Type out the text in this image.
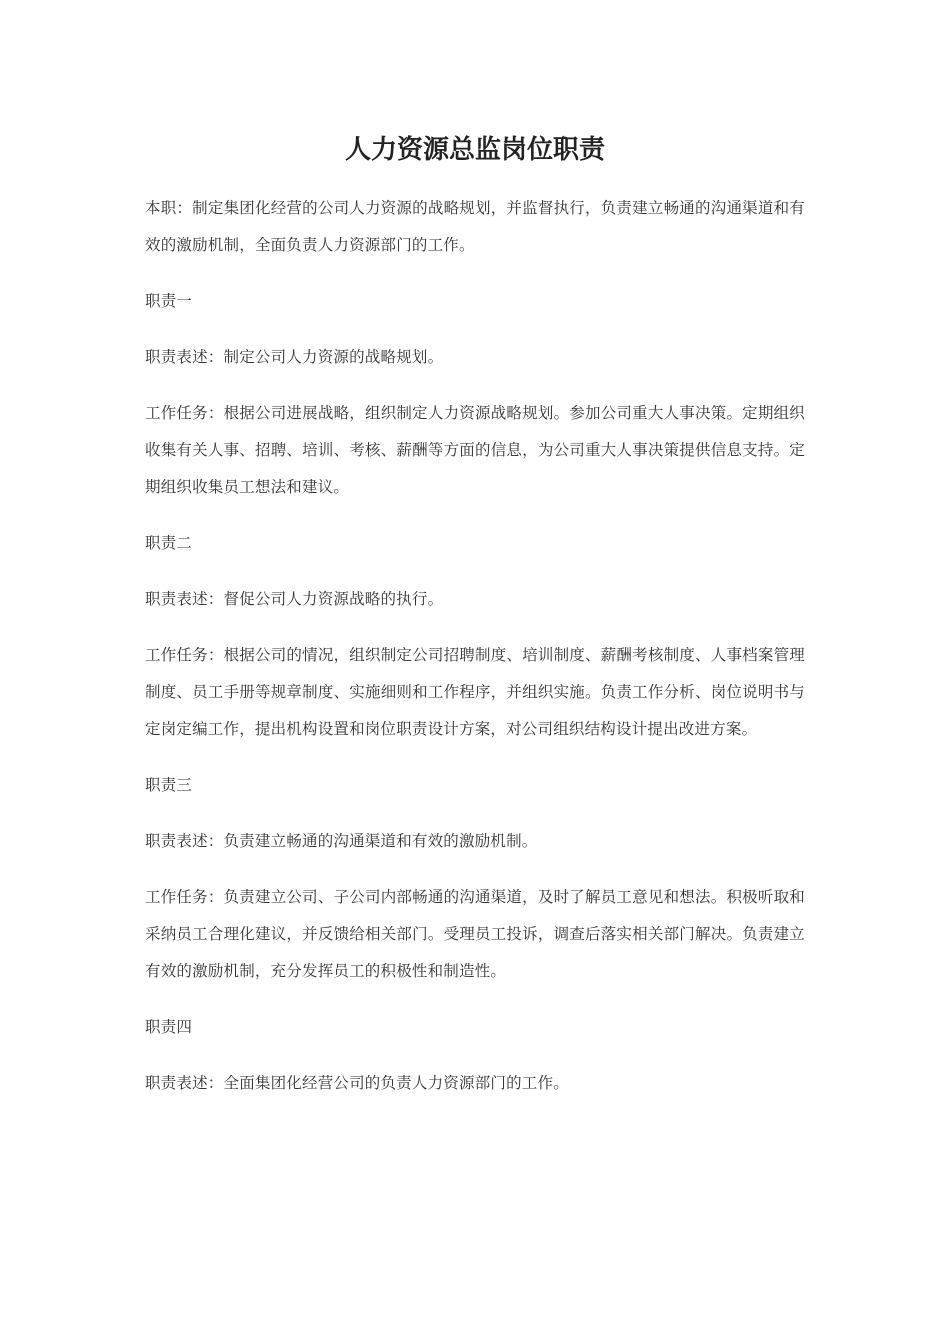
人力资源总监岗位职责

本职：制定集团化经营的公司人力资源的战略规划，并监督执行，负责建立畅通的沟通渠道和有效的激励机制，全面负责人力资源部门的工作。

职责一

职责表述：制定公司人力资源的战略规划。

工作任务：根据公司进展战略，组织制定人力资源战略规划。参加公司重大人事决策。定期组织收集有关人事、招聘、培训、考核、薪酬等方面的信息，为公司重大人事决策提供信息支持。定期组织收集员工想法和建议。

职责二

职责表述：督促公司人力资源战略的执行。

工作任务：根据公司的情况，组织制定公司招聘制度、培训制度、薪酬考核制度、人事档案管理制度、员工手册等规章制度、实施细则和工作程序，并组织实施。负责工作分析、岗位说明书与定岗定编工作，提出机构设置和岗位职责设计方案，对公司组织结构设计提出改进方案。

职责三

职责表述：负责建立畅通的沟通渠道和有效的激励机制。

工作任务：负责建立公司、子公司内部畅通的沟通渠道，及时了解员工意见和想法。积极听取和采纳员工合理化建议，并反馈给相关部门。受理员工投诉，调查后落实相关部门解决。负责建立有效的激励机制，充分发挥员工的积极性和制造性。

职责四

职责表述：全面集团化经营公司的负责人力资源部门的工作。
